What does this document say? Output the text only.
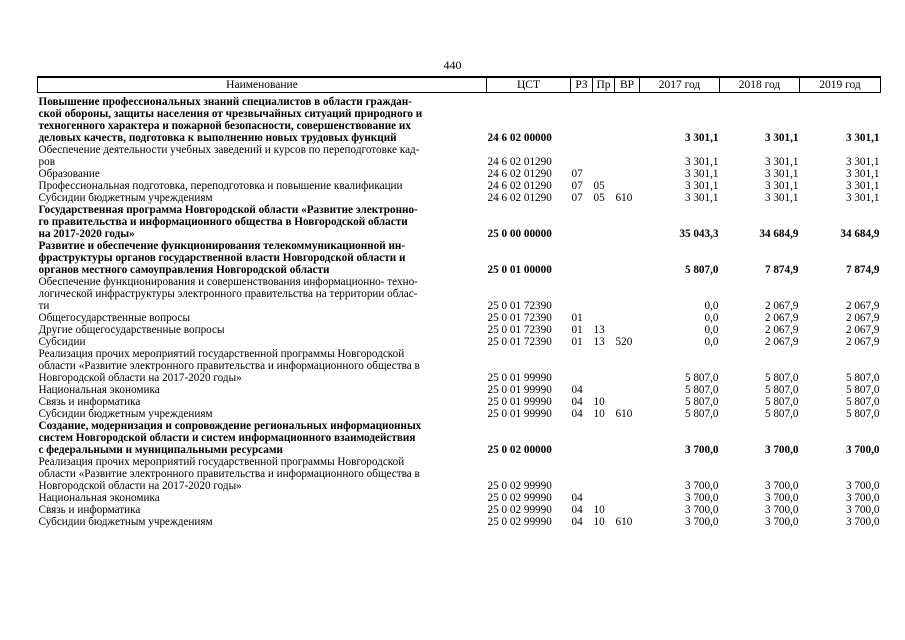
440
Наименование	ЦСТ	РЗ	Пр	ВР	2017 год	2018 год	2019 год

Повышение профессиональных знаний специалистов в области граждан-
ской обороны, защиты населения от чрезвычайных ситуаций природного и
техногенного характера и пожарной безопасности, совершенствование их
деловых качеств, подготовка к выполнению новых трудовых функций	24 6 02 00000				3 301,1	3 301,1	3 301,1

Обеспечение деятельности учебных заведений и курсов по переподготовке кад-
ров	24 6 02 01290				3 301,1	3 301,1	3 301,1

Образование	24 6 02 01290	07			3 301,1	3 301,1	3 301,1

Профессиональная подготовка, переподготовка и повышение квалификации	24 6 02 01290	07	05		3 301,1	3 301,1	3 301,1

Субсидии бюджетным учреждениям	24 6 02 01290	07	05	610	3 301,1	3 301,1	3 301,1

Государственная программа Новгородской области «Развитие электронно-
го правительства и информационного общества в Новгородской области
на 2017-2020 годы»	25 0 00 00000				35 043,3	34 684,9	34 684,9

Развитие и обеспечение функционирования телекоммуникационной ин-
фраструктуры органов государственной власти Новгородской области и
органов местного самоуправления Новгородской области	25 0 01 00000				5 807,0	7 874,9	7 874,9

Обеспечение функционирования и совершенствования информационно- техно-
логической инфраструктуры электронного правительства на территории облас-
ти	25 0 01 72390				0,0	2 067,9	2 067,9

Общегосударственные вопросы	25 0 01 72390	01			0,0	2 067,9	2 067,9

Другие общегосударственные вопросы	25 0 01 72390	01	13		0,0	2 067,9	2 067,9

Субсидии	25 0 01 72390	01	13	520	0,0	2 067,9	2 067,9

Реализация прочих мероприятий государственной программы Новгородской
области «Развитие электронного правительства и информационного общества в
Новгородской области на 2017-2020 годы»	25 0 01 99990				5 807,0	5 807,0	5 807,0

Национальная экономика	25 0 01 99990	04			5 807,0	5 807,0	5 807,0

Связь и информатика	25 0 01 99990	04	10		5 807,0	5 807,0	5 807,0

Субсидии бюджетным учреждениям	25 0 01 99990	04	10	610	5 807,0	5 807,0	5 807,0

Создание, модернизация и сопровождение региональных информационных
систем Новгородской области и систем информационного взаимодействия
с федеральными и муниципальными ресурсами	25 0 02 00000				3 700,0	3 700,0	3 700,0

Реализация прочих мероприятий государственной программы Новгородской
области «Развитие электронного правительства и информационного общества в
Новгородской области на 2017-2020 годы»	25 0 02 99990				3 700,0	3 700,0	3 700,0

Национальная экономика	25 0 02 99990	04			3 700,0	3 700,0	3 700,0

Связь и информатика	25 0 02 99990	04	10		3 700,0	3 700,0	3 700,0

Субсидии бюджетным учреждениям	25 0 02 99990	04	10	610	3 700,0	3 700,0	3 700,0
